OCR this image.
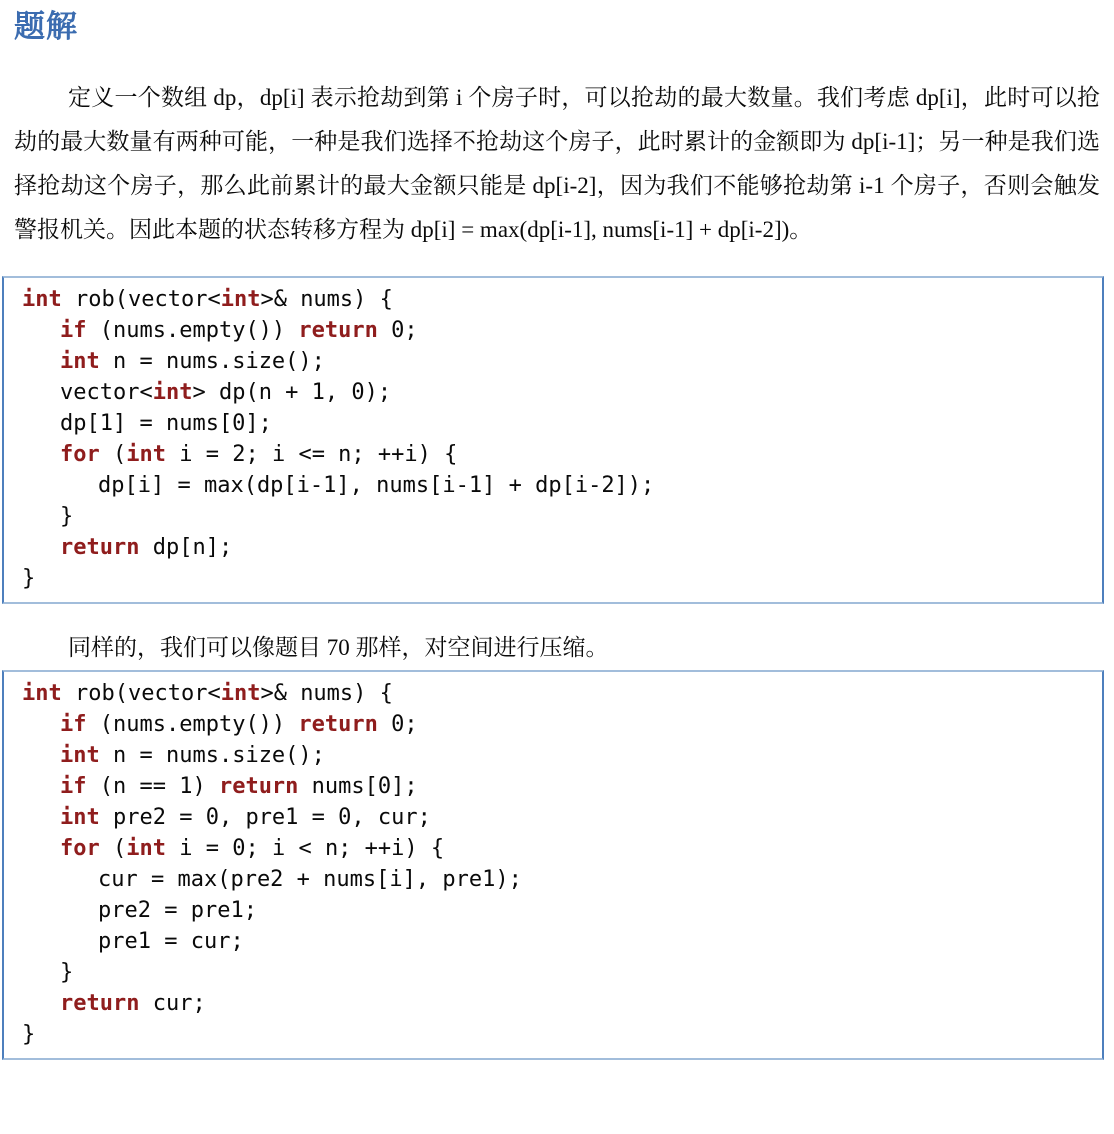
题解

定义一个数组 dp，dp[i] 表示抢劫到第 i 个房子时，可以抢劫的最大数量。我们考虑 dp[i]，此时可以抢劫的最大数量有两种可能，一种是我们选择不抢劫这个房子，此时累计的金额即为 dp[i-1]；另一种是我们选择抢劫这个房子，那么此前累计的最大金额只能是 dp[i-2]，因为我们不能够抢劫第 i-1 个房子，否则会触发警报机关。因此本题的状态转移方程为 dp[i] = max(dp[i-1], nums[i-1] + dp[i-2])。

int rob(vector<int>& nums) {
if (nums.empty()) return 0;
int n = nums.size();
vector<int> dp(n + 1, 0);
dp[1] = nums[0];
for (int i = 2; i <= n; ++i) {
dp[i] = max(dp[i-1], nums[i-1] + dp[i-2]);
}
return dp[n];
}

同样的，我们可以像题目 70 那样，对空间进行压缩。

int rob(vector<int>& nums) {
if (nums.empty()) return 0;
int n = nums.size();
if (n == 1) return nums[0];
int pre2 = 0, pre1 = 0, cur;
for (int i = 0; i < n; ++i) {
cur = max(pre2 + nums[i], pre1);
pre2 = pre1;
pre1 = cur;
}
return cur;
}
